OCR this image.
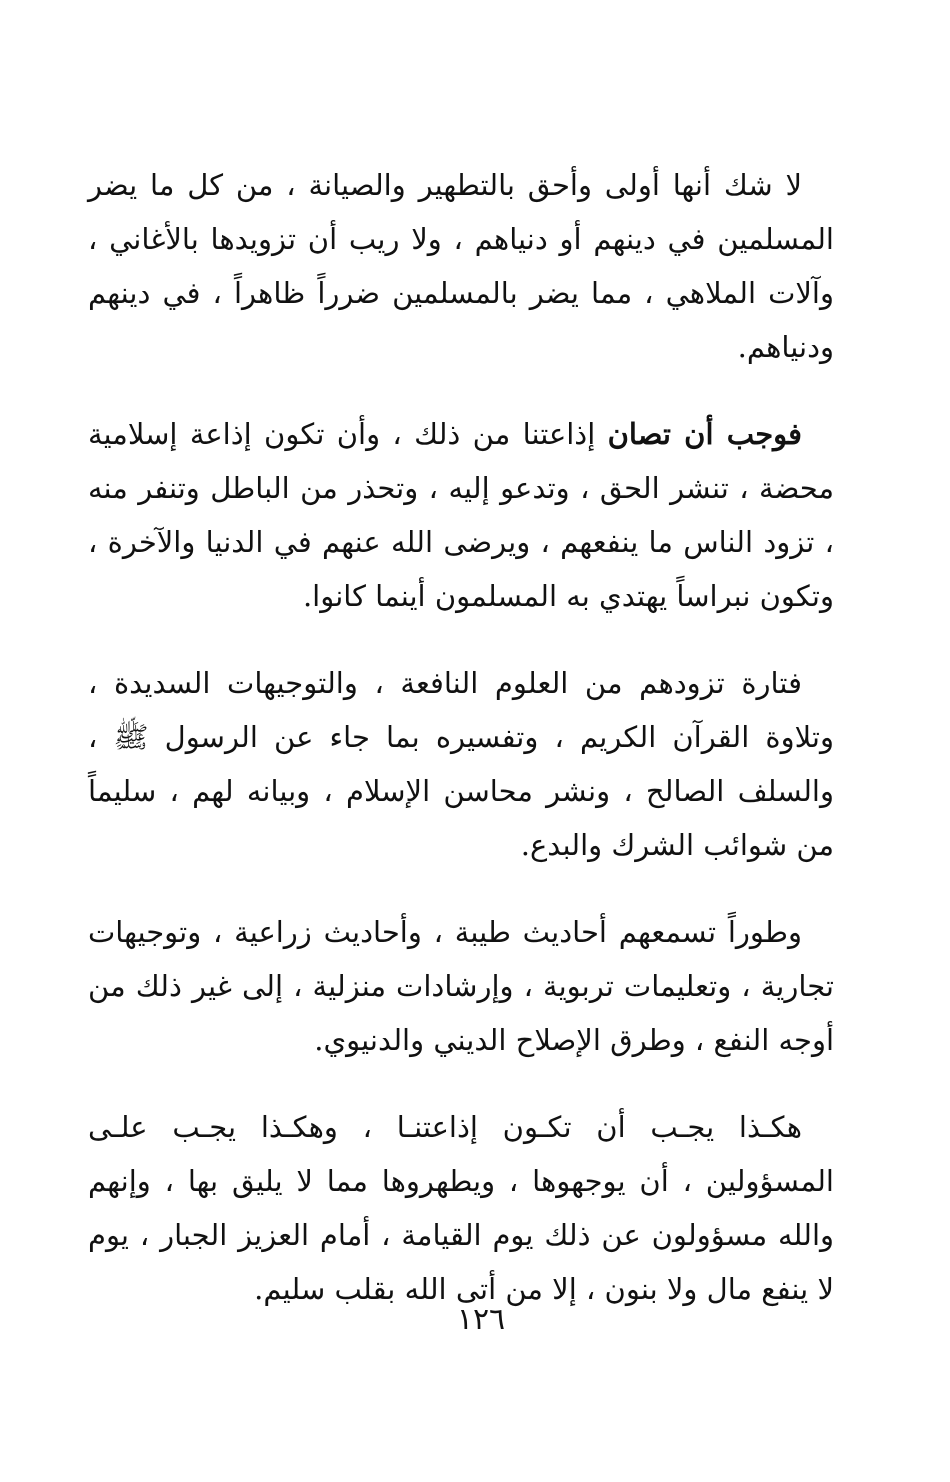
لا شك أنها أولى وأحق بالتطهير والصيانة ، من كل ما يضر المسلمين في دينهم أو دنياهم ، ولا ريب أن تزويدها بالأغاني ، وآلات الملاهي ، مما يضر بالمسلمين ضرراً ظاهراً ، في دينهم ودنياهم.

فوجب أن تصان إذاعتنا من ذلك ، وأن تكون إذاعة إسلامية محضة ، تنشر الحق ، وتدعو إليه ، وتحذر من الباطل وتنفر منه ، تزود الناس ما ينفعهم ، ويرضى الله عنهم في الدنيا والآخرة ، وتكون نبراساً يهتدي به المسلمون أينما كانوا.

فتارة تزودهم من العلوم النافعة ، والتوجيهات السديدة ، وتلاوة القرآن الكريم ، وتفسيره بما جاء عن الرسول ﷺ ، والسلف الصالح ، ونشر محاسن الإسلام ، وبيانه لهم ، سليماً من شوائب الشرك والبدع.

وطوراً تسمعهم أحاديث طيبة ، وأحاديث زراعية ، وتوجيهات تجارية ، وتعليمات تربوية ، وإرشادات منزلية ، إلى غير ذلك من أوجه النفع ، وطرق الإصلاح الديني والدنيوي.

هكـذا يجـب أن تكـون إذاعتنـا ، وهكـذا يجـب علـى المسؤولين ، أن يوجهوها ، ويطهروها مما لا يليق بها ، وإنهم والله مسؤولون عن ذلك يوم القيامة ، أمام العزيز الجبار ، يوم لا ينفع مال ولا بنون ، إلا من أتى الله بقلب سليم.

١٢٦
